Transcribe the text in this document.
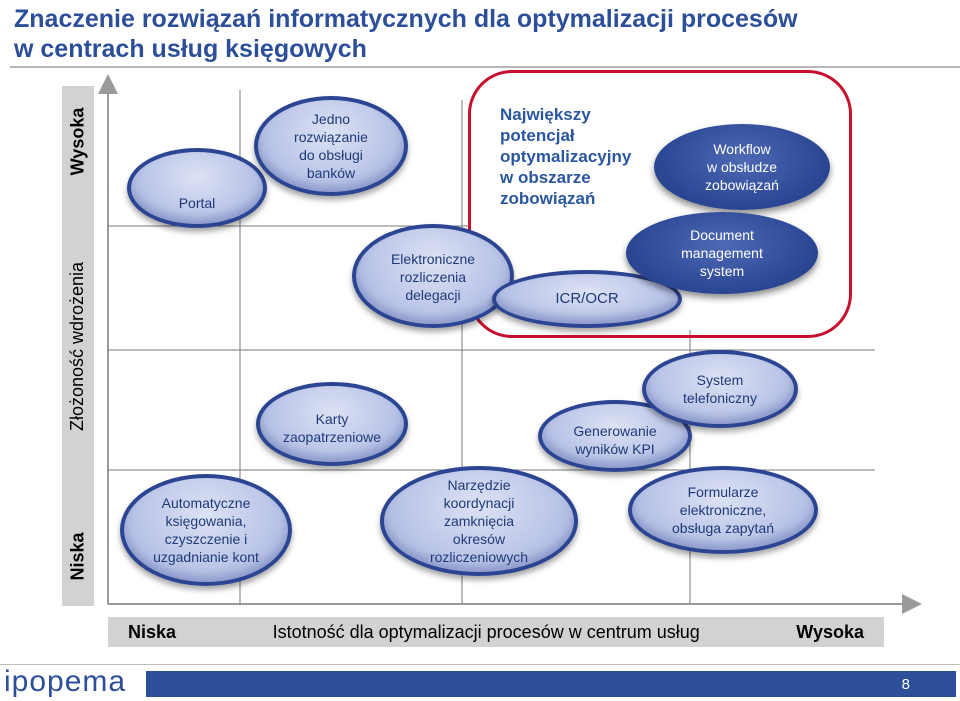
Znaczenie rozwiązań informatycznych dla optymalizacji procesów
w centrach usług księgowych
Wysoka
Złożoność wdrożenia
Niska
Największy
potencjał
optymalizacyjny
w obszarze
zobowiązań
Portal
Jedno
rozwiązanie
do obsługi
banków
Elektroniczne
rozliczenia
delegacji	ICR/OCR
Workflow
w obsłudze
zobowiązań
Document
management
system
Karty
zaopatrzeniowe	Generowanie
wyników KPI
System
telefoniczny
Automatyczne
księgowania,
czyszczenie i
uzgadnianie kont
Narzędzie
koordynacji
zamknięcia
okresów
rozliczeniowych
Formularze
elektroniczne,
obsługa zapytań
Niska	Istotność dla optymalizacji procesów w centrum usług	Wysoka
ipopema	8
